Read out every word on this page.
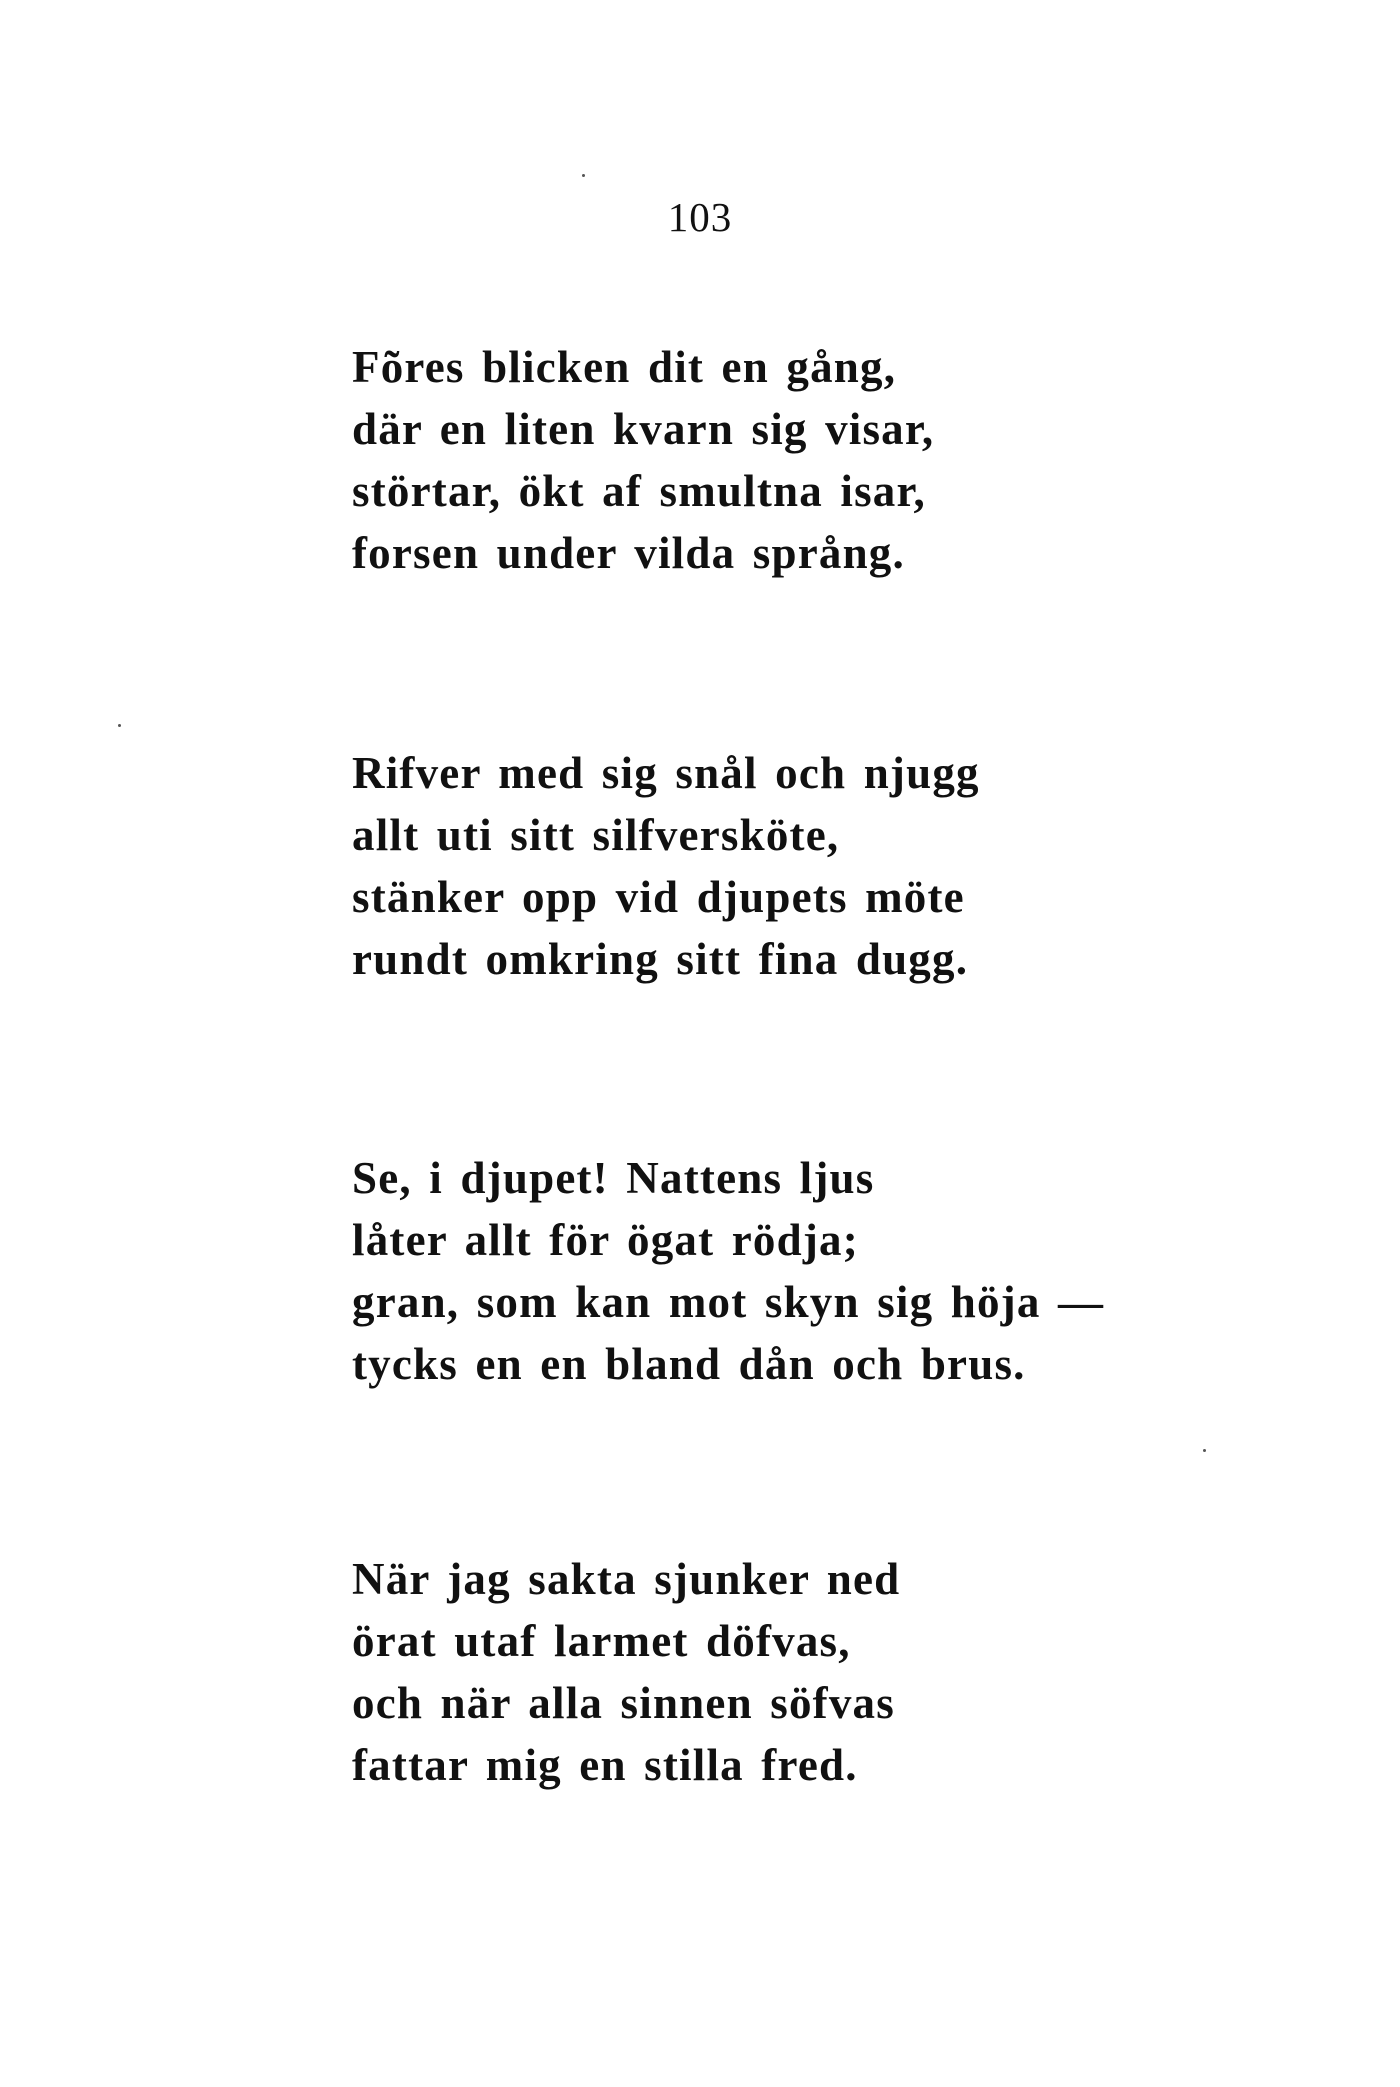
103
Fõres blicken dit en gång,
där en liten kvarn sig visar,
störtar, ökt af smultna isar,
forsen under vilda språng.
Rifver med sig snål och njugg
allt uti sitt silfversköte,
stänker opp vid djupets möte
rundt omkring sitt fina dugg.
Se, i djupet! Nattens ljus
låter allt för ögat rödja;
gran, som kan mot skyn sig höja —
tycks en en bland dån och brus.
När jag sakta sjunker ned
örat utaf larmet döfvas,
och när alla sinnen söfvas
fattar mig en stilla fred.
